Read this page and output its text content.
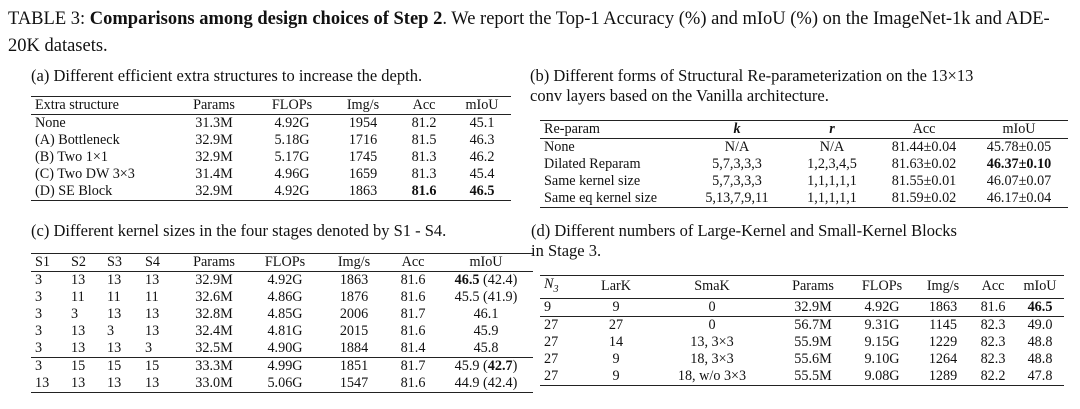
TABLE 3: Comparisons among design choices of Step 2. We report the Top-1 Accuracy (%) and mIoU (%) on the ImageNet-1k and ADE-20K datasets.
(a) Different efficient extra structures to increase the depth.
Extra structure	Params	FLOPs	Img/s	Acc	mIoU
None	31.3M	4.92G	1954	81.2	45.1
(A) Bottleneck	32.9M	5.18G	1716	81.5	46.3
(B) Two 1×1	32.9M	5.17G	1745	81.3	46.2
(C) Two DW 3×3	31.4M	4.96G	1659	81.3	45.4
(D) SE Block	32.9M	4.92G	1863	81.6	46.5
(b) Different forms of Structural Re-parameterization on the 13×13
conv layers based on the Vanilla architecture.
Re-param	k	r	Acc	mIoU
None	N/A	N/A	81.44±0.04	45.78±0.05
Dilated Reparam	5,7,3,3,3	1,2,3,4,5	81.63±0.02	46.37±0.10
Same kernel size	5,7,3,3,3	1,1,1,1,1	81.55±0.01	46.07±0.07
Same eq kernel size	5,13,7,9,11	1,1,1,1,1	81.59±0.02	46.17±0.04
(c) Different kernel sizes in the four stages denoted by S1 - S4.
S1	S2	S3	S4	Params	FLOPs	Img/s	Acc	mIoU
3	13	13	13	32.9M	4.92G	1863	81.6	46.5 (42.4)
3	11	11	11	32.6M	4.86G	1876	81.6	45.5 (41.9)
3	3	13	13	32.8M	4.85G	2006	81.7	46.1
3	13	3	13	32.4M	4.81G	2015	81.6	45.9
3	13	13	3	32.5M	4.90G	1884	81.4	45.8
3	15	15	15	33.3M	4.99G	1851	81.7	45.9 (42.7)
13	13	13	13	33.0M	5.06G	1547	81.6	44.9 (42.4)
(d) Different numbers of Large-Kernel and Small-Kernel Blocks
in Stage 3.
$N_3$	LarK	SmaK	Params	FLOPs	Img/s	Acc	mIoU
9	9	0	32.9M	4.92G	1863	81.6	46.5
27	27	0	56.7M	9.31G	1145	82.3	49.0
27	14	13, 3×3	55.9M	9.15G	1229	82.3	48.8
27	9	18, 3×3	55.6M	9.10G	1264	82.3	48.8
27	9	18, w/o 3×3	55.5M	9.08G	1289	82.2	47.8
